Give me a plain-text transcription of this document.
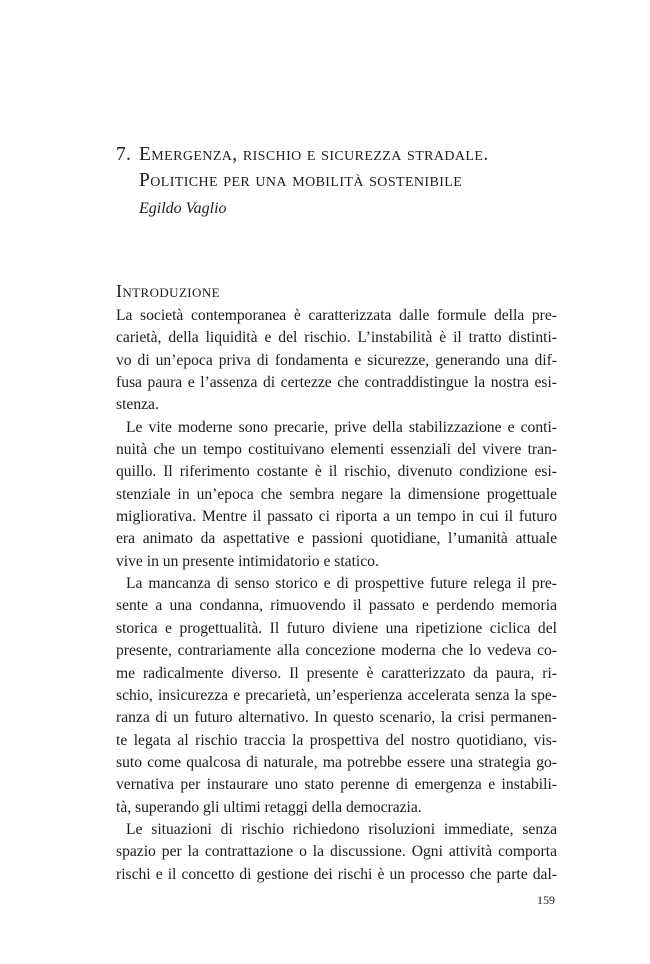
7. Emergenza, rischio e sicurezza stradale.
Politiche per una mobilità sostenibile
Egildo Vaglio
Introduzione
La società contemporanea è caratterizzata dalle formule della pre-
carietà, della liquidità e del rischio. L’instabilità è il tratto distinti-
vo di un’epoca priva di fondamenta e sicurezze, generando una dif-
fusa paura e l’assenza di certezze che contraddistingue la nostra esi-
stenza.
Le vite moderne sono precarie, prive della stabilizzazione e conti-
nuità che un tempo costituivano elementi essenziali del vivere tran-
quillo. Il riferimento costante è il rischio, divenuto condizione esi-
stenziale in un’epoca che sembra negare la dimensione progettuale
migliorativa. Mentre il passato ci riporta a un tempo in cui il futuro
era animato da aspettative e passioni quotidiane, l’umanità attuale
vive in un presente intimidatorio e statico.
La mancanza di senso storico e di prospettive future relega il pre-
sente a una condanna, rimuovendo il passato e perdendo memoria
storica e progettualità. Il futuro diviene una ripetizione ciclica del
presente, contrariamente alla concezione moderna che lo vedeva co-
me radicalmente diverso. Il presente è caratterizzato da paura, ri-
schio, insicurezza e precarietà, un’esperienza accelerata senza la spe-
ranza di un futuro alternativo. In questo scenario, la crisi permanen-
te legata al rischio traccia la prospettiva del nostro quotidiano, vis-
suto come qualcosa di naturale, ma potrebbe essere una strategia go-
vernativa per instaurare uno stato perenne di emergenza e instabili-
tà, superando gli ultimi retaggi della democrazia.
Le situazioni di rischio richiedono risoluzioni immediate, senza
spazio per la contrattazione o la discussione. Ogni attività comporta
rischi e il concetto di gestione dei rischi è un processo che parte dal-
159
